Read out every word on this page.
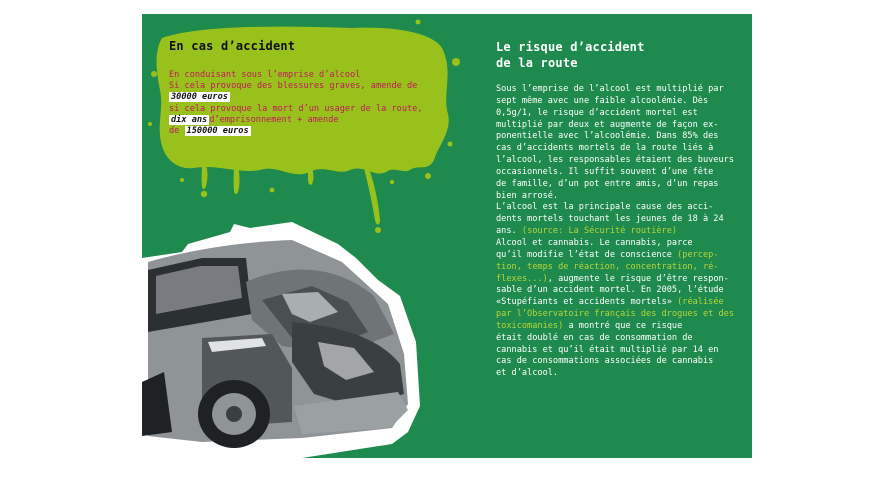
En cas d’accident
En conduisant sous l’emprise d’alcool
Si cela provoque des blessures graves, amende de
30000 euros
si cela provoque la mort d’un usager de la route,
dix ans d’emprisonnement + amende
de 150000 euros
Le risque d’accident
de la route
Sous l’emprise de l’alcool est multiplié par
sept même avec une faible alcoolémie. Dès
0,5g/1, le risque d’accident mortel est
multiplié par deux et augmente de façon ex-
ponentielle avec l’alcoolémie. Dans 85% des
cas d’accidents mortels de la route liés à
l’alcool, les responsables étaient des buveurs
occasionnels. Il suffit souvent d’une fête
de famille, d’un pot entre amis, d’un repas
bien arrosé.
L’alcool est la principale cause des acci-
dents mortels touchant les jeunes de 18 à 24
ans. (source: La Sécurité routière)
Alcool et cannabis. Le cannabis, parce
qu’il modifie l’état de conscience (percep-
tion, temps de réaction, concentration, ré-
flexes...), augmente le risque d’être respon-
sable d’un accident mortel. En 2005, l’étude
«Stupéfiants et accidents mortels» (réalisée
par l’Observatoire français des drogues et des
toxicomanies) a montré que ce risque
était doublé en cas de consommation de
cannabis et qu’il était multiplié par 14 en
cas de consommations associées de cannabis
et d’alcool.
